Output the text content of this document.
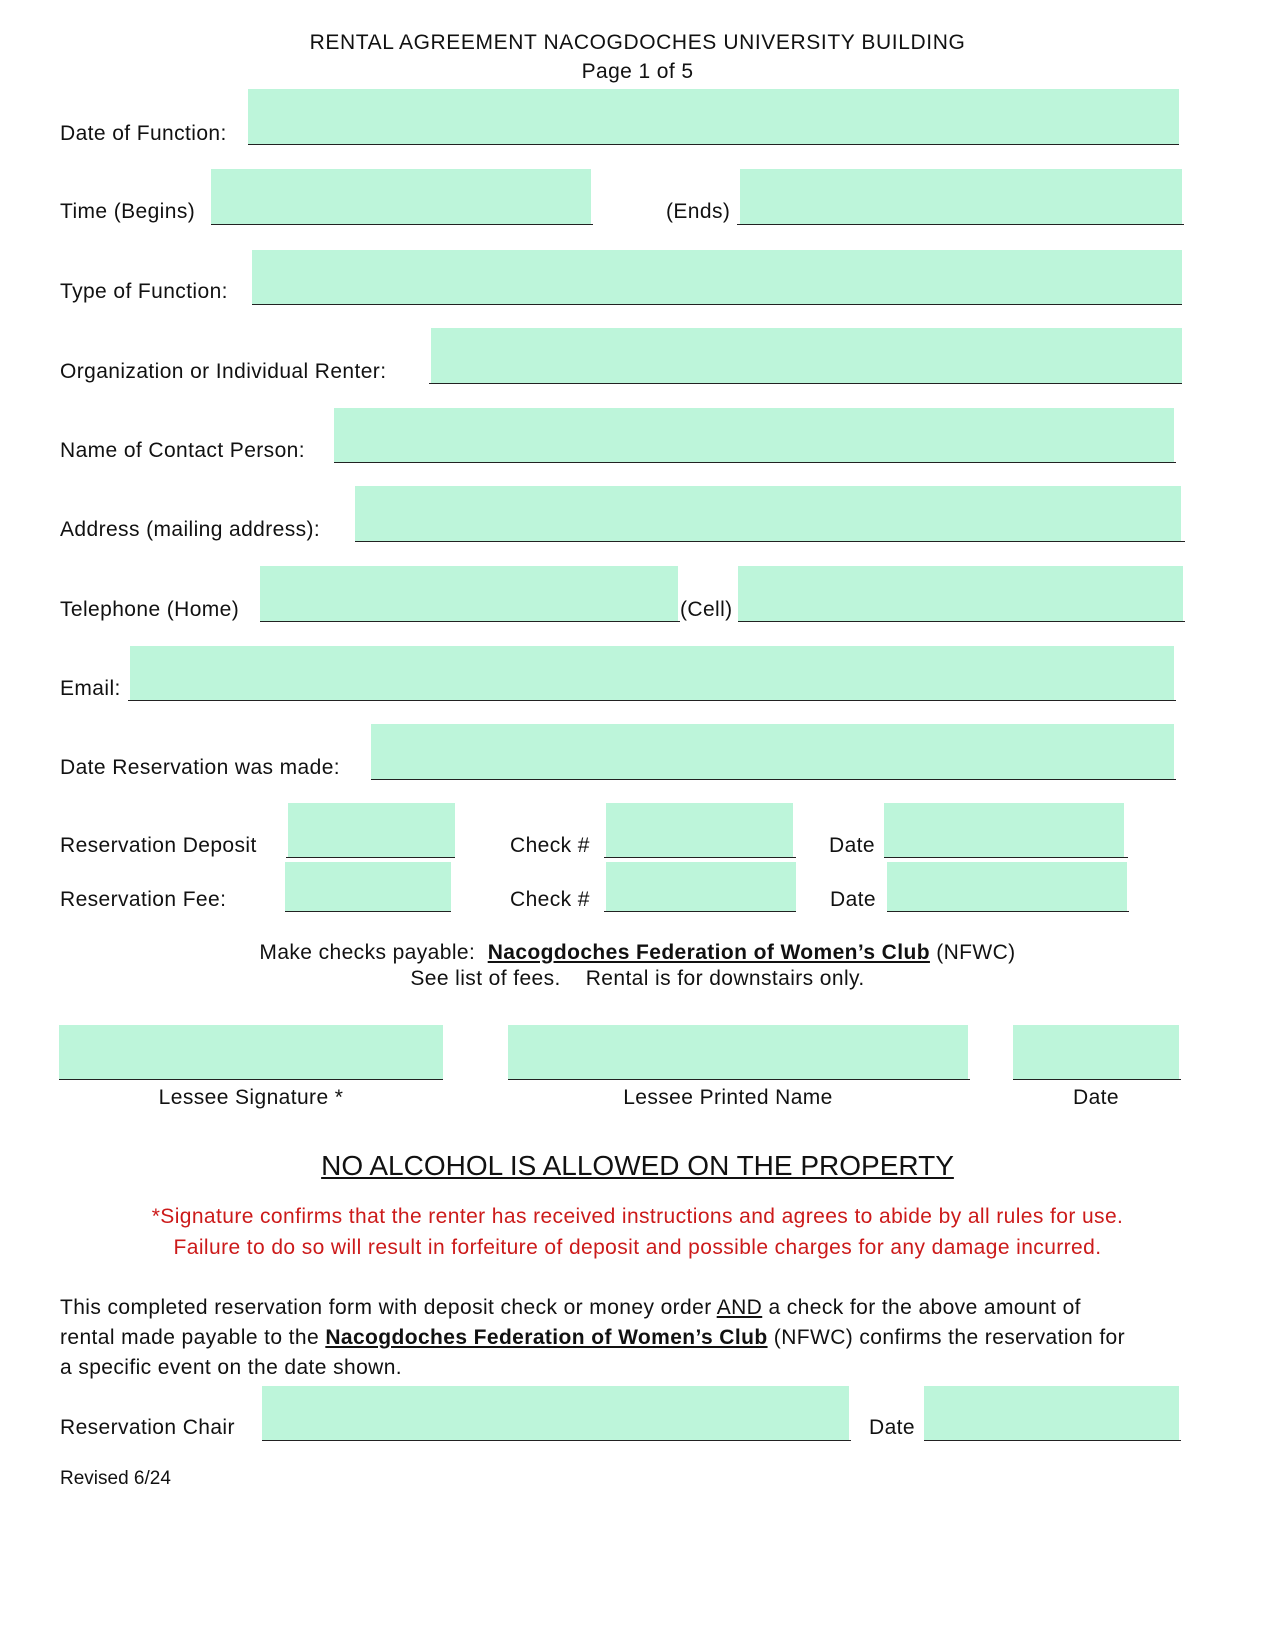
RENTAL AGREEMENT NACOGDOCHES UNIVERSITY BUILDING
Page 1 of 5
Date of Function:
Time (Begins)	(Ends)
Type of Function:
Organization or Individual Renter:
Name of Contact Person:
Address (mailing address):
Telephone (Home)	(Cell)
Email:
Date Reservation was made:
Reservation Deposit	Check #	Date
Reservation Fee:	Check #	Date
Make checks payable: Nacogdoches Federation of Women’s Club (NFWC)
See list of fees. Rental is for downstairs only.
Lessee Signature *	Lessee Printed Name	Date
NO ALCOHOL IS ALLOWED ON THE PROPERTY
*Signature confirms that the renter has received instructions and agrees to abide by all rules for use.
Failure to do so will result in forfeiture of deposit and possible charges for any damage incurred.
This completed reservation form with deposit check or money order AND a check for the above amount of
rental made payable to the Nacogdoches Federation of Women’s Club (NFWC) confirms the reservation for
a specific event on the date shown.
Reservation Chair	Date
Revised 6/24
